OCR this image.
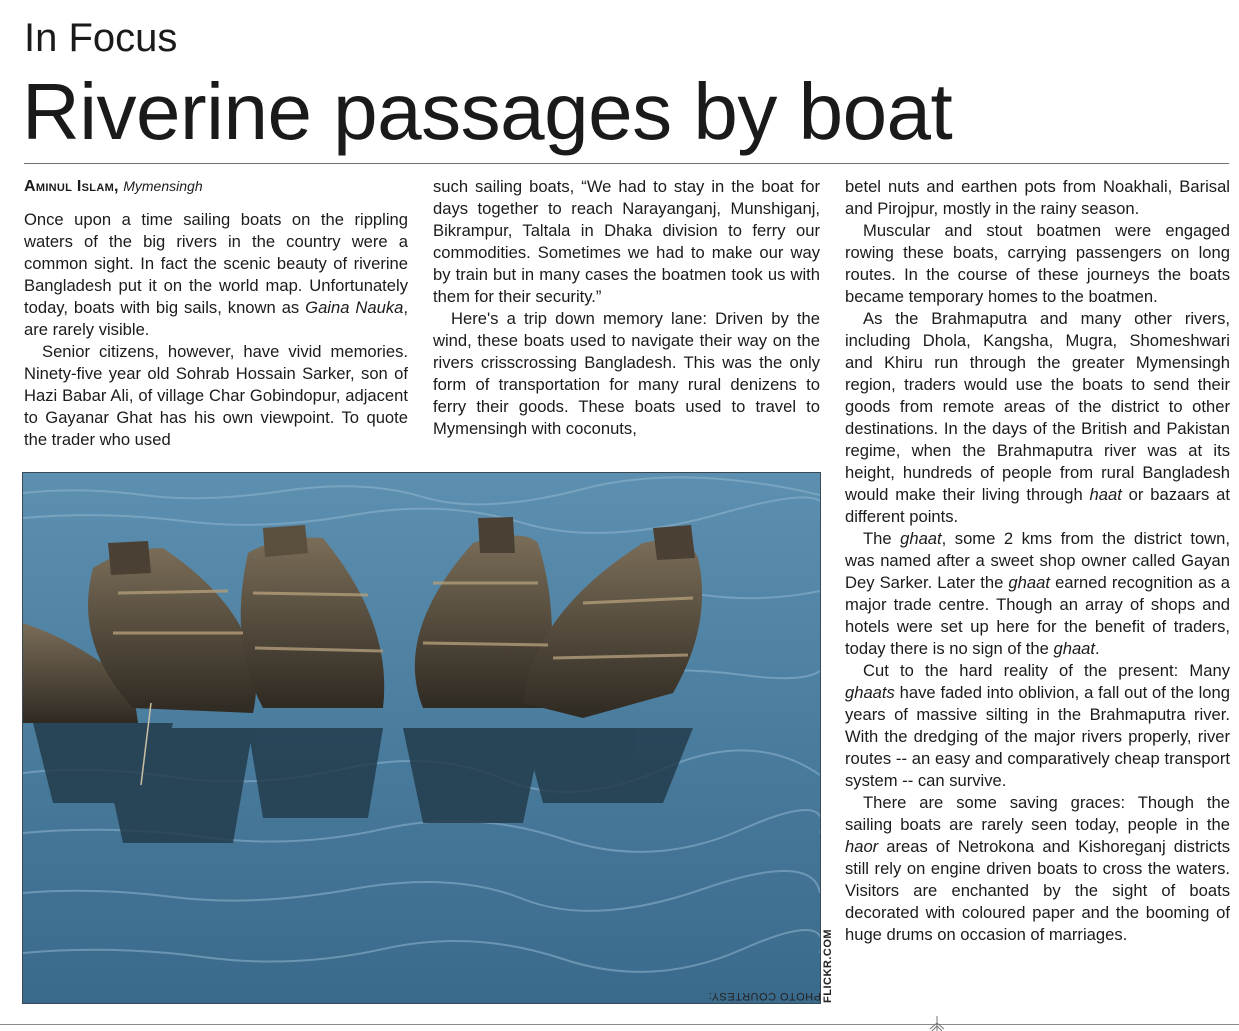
In Focus
Riverine passages by boat

Aminul Islam, Mymensingh

Once upon a time sailing boats on the rippling waters of the big rivers in the country were a common sight. In fact the scenic beauty of riverine Bangladesh put it on the world map. Unfortunately today, boats with big sails, known as Gaina Nauka, are rarely visible.

Senior citizens, however, have vivid memories. Ninety-five year old Sohrab Hossain Sarker, son of Hazi Babar Ali, of village Char Gobindopur, adjacent to Gayanar Ghat has his own viewpoint. To quote the trader who used

such sailing boats, “We had to stay in the boat for days together to reach Narayanganj, Munshiganj, Bikrampur, Taltala in Dhaka division to ferry our commodities. Sometimes we had to make our way by train but in many cases the boatmen took us with them for their security.”

Here's a trip down memory lane: Driven by the wind, these boats used to navigate their way on the rivers crisscrossing Bangladesh. This was the only form of transportation for many rural denizens to ferry their goods. These boats used to travel to Mymensingh with coconuts,

betel nuts and earthen pots from Noakhali, Barisal and Pirojpur, mostly in the rainy season.

Muscular and stout boatmen were engaged rowing these boats, carrying passengers on long routes. In the course of these journeys the boats became temporary homes to the boatmen.

As the Brahmaputra and many other rivers, including Dhola, Kangsha, Mugra, Shomeshwari and Khiru run through the greater Mymensingh region, traders would use the boats to send their goods from remote areas of the district to other destinations. In the days of the British and Pakistan regime, when the Brahmaputra river was at its height, hundreds of people from rural Bangladesh would make their living through haat or bazaars at different points.

The ghaat, some 2 kms from the district town, was named after a sweet shop owner called Gayan Dey Sarker. Later the ghaat earned recognition as a major trade centre. Though an array of shops and hotels were set up here for the benefit of traders, today there is no sign of the ghaat.

Cut to the hard reality of the present: Many ghaats have faded into oblivion, a fall out of the long years of massive silting in the Brahmaputra river. With the dredging of the major rivers properly, river routes -- an easy and comparatively cheap transport system -- can survive.

There are some saving graces: Though the sailing boats are rarely seen today, people in the haor areas of Netrokona and Kishoreganj districts still rely on engine driven boats to cross the waters. Visitors are enchanted by the sight of boats decorated with coloured paper and the booming of huge drums on occasion of marriages.

PHOTO COURTESY: FLICKR.COM
